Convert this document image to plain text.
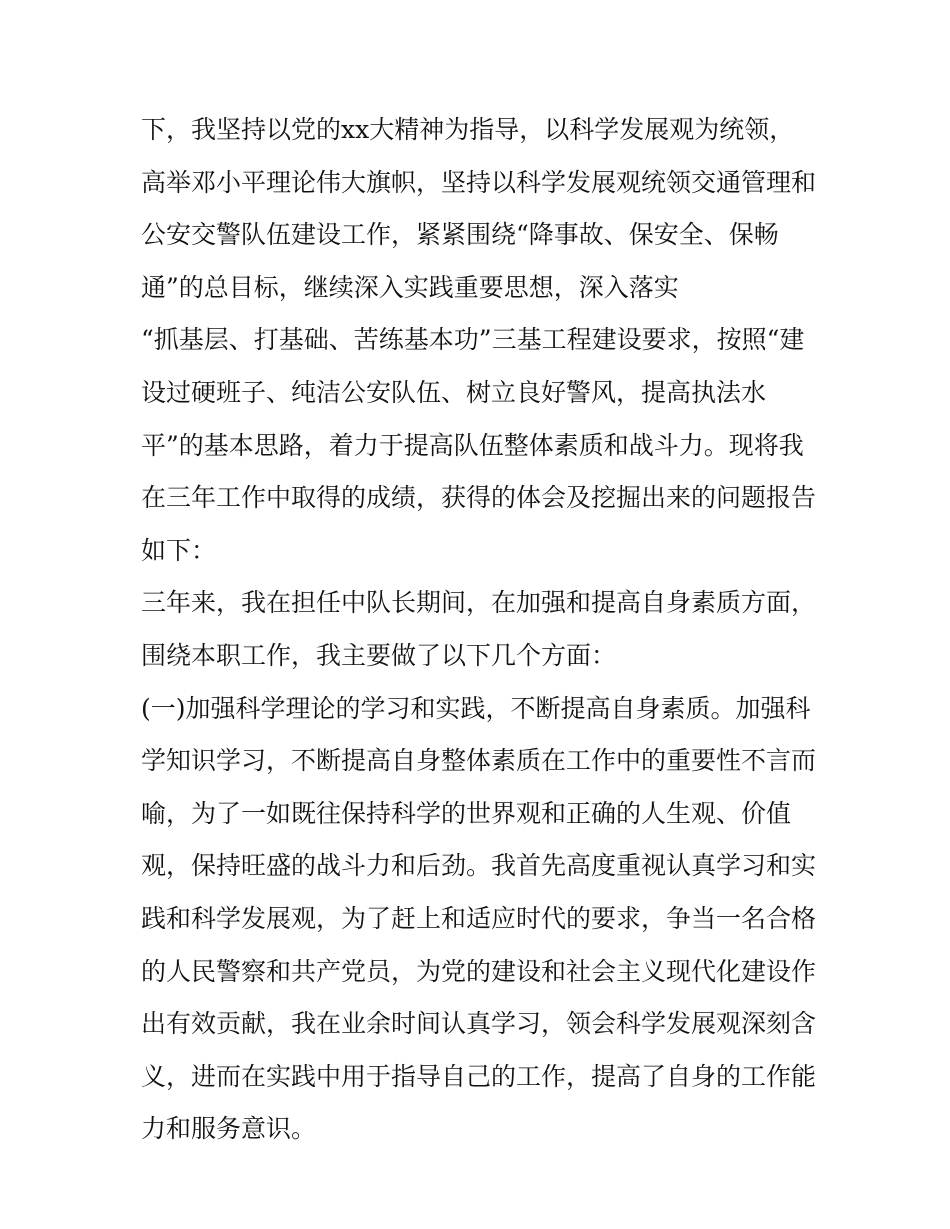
下，我坚持以党的xx大精神为指导，以科学发展观为统领，
高举邓小平理论伟大旗帜，坚持以科学发展观统领交通管理和
公安交警队伍建设工作，紧紧围绕“降事故、保安全、保畅
通”的总目标，继续深入实践重要思想，深入落实
“抓基层、打基础、苦练基本功”三基工程建设要求，按照“建
设过硬班子、纯洁公安队伍、树立良好警风，提高执法水
平”的基本思路，着力于提高队伍整体素质和战斗力。现将我
在三年工作中取得的成绩，获得的体会及挖掘出来的问题报告
如下：
三年来，我在担任中队长期间，在加强和提高自身素质方面，
围绕本职工作，我主要做了以下几个方面：
(一)加强科学理论的学习和实践，不断提高自身素质。加强科
学知识学习，不断提高自身整体素质在工作中的重要性不言而
喻，为了一如既往保持科学的世界观和正确的人生观、价值
观，保持旺盛的战斗力和后劲。我首先高度重视认真学习和实
践和科学发展观，为了赶上和适应时代的要求，争当一名合格
的人民警察和共产党员，为党的建设和社会主义现代化建设作
出有效贡献，我在业余时间认真学习，领会科学发展观深刻含
义，进而在实践中用于指导自己的工作，提高了自身的工作能
力和服务意识。
